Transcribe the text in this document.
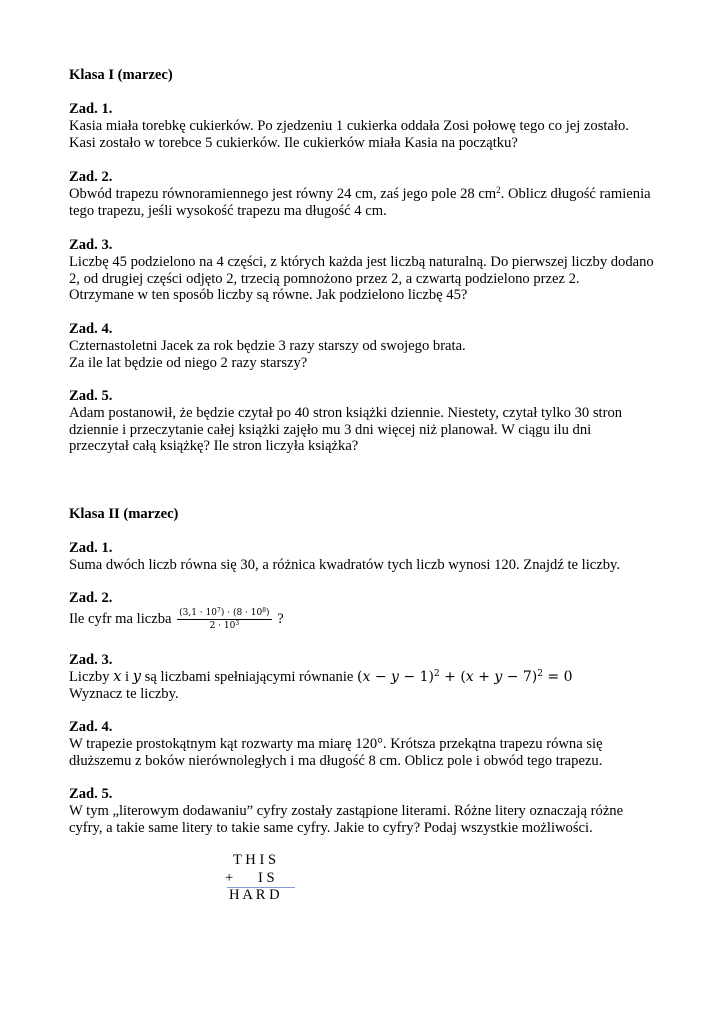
Klasa I (marzec)
Zad. 1.
Kasia miała torebkę cukierków. Po zjedzeniu 1 cukierka oddała Zosi połowę tego co jej zostało.
Kasi zostało w torebce 5 cukierków. Ile cukierków miała Kasia na początku?
Zad. 2.
Obwód trapezu równoramiennego jest równy 24 cm, zaś jego pole 28 $cm^2$. Oblicz długość ramienia
tego trapezu, jeśli wysokość trapezu ma długość 4 cm.
Zad. 3.
Liczbę 45 podzielono na 4 części, z których każda jest liczbą naturalną. Do pierwszej liczby dodano
2, od drugiej części odjęto 2, trzecią pomnożono przez 2, a czwartą podzielono przez 2.
Otrzymane w ten sposób liczby są równe. Jak podzielono liczbę 45?
Zad. 4.
Czternastoletni Jacek za rok będzie 3 razy starszy od swojego brata.
Za ile lat będzie od niego 2 razy starszy?
Zad. 5.
Adam postanowił, że będzie czytał po 40 stron książki dziennie. Niestety, czytał tylko 30 stron
dziennie i przeczytanie całej książki zajęło mu 3 dni więcej niż planował. W ciągu ilu dni
przeczytał całą książkę? Ile stron liczyła książka?
Klasa II (marzec)
Zad. 1.
Suma dwóch liczb równa się 30, a różnica kwadratów tych liczb wynosi 120. Znajdź te liczby.
Zad. 2.
Ile cyfr ma liczba $\frac{(3,1 \cdot 10^7) \cdot (8 \cdot 10^8)}{2 \cdot 10^3}$ ?
Zad. 3.
Liczby x i y są liczbami spełniającymi równanie $(x - y - 1)^2 + (x + y - 7)^2 = 0$
Wyznacz te liczby.
Zad. 4.
W trapezie prostokątnym kąt rozwarty ma miarę 120°. Krótsza przekątna trapezu równa się
dłuższemu z boków nierównoległych i ma długość 8 cm. Oblicz pole i obwód tego trapezu.
Zad. 5.
W tym „literowym dodawaniu” cyfry zostały zastąpione literami. Różne litery oznaczają różne
cyfry, a takie same litery to takie same cyfry. Jakie to cyfry? Podaj wszystkie możliwości.
T H I S
+ I S
H A R D
